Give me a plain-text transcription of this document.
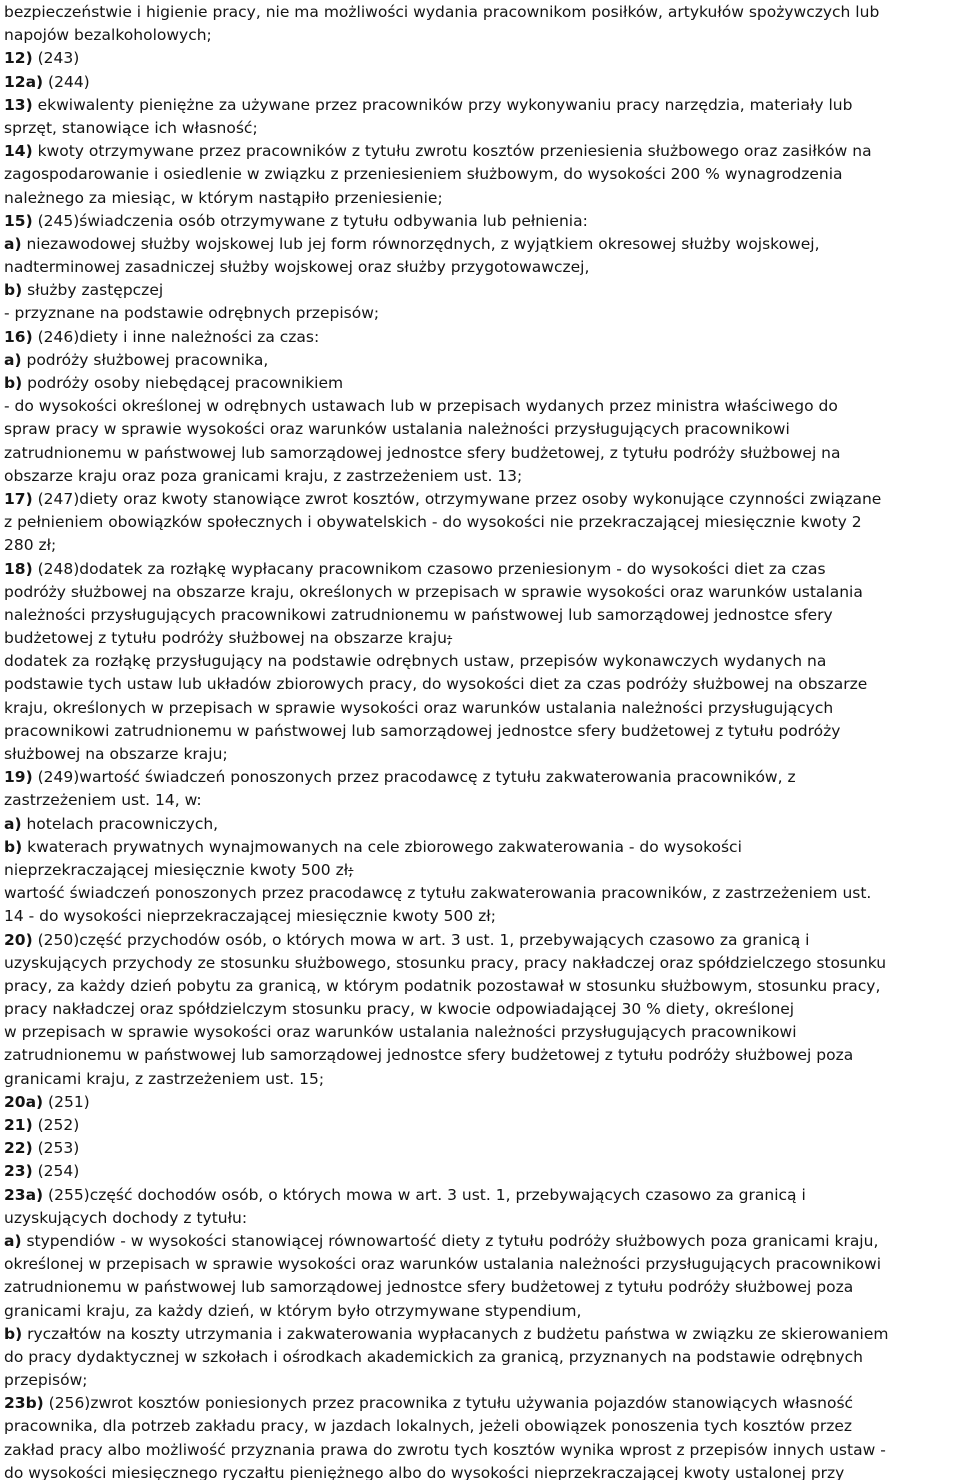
bezpieczeństwie i higienie pracy, nie ma możliwości wydania pracownikom posiłków, artykułów spożywczych lub
napojów bezalkoholowych;
12) (243)
12a) (244)
13) ekwiwalenty pieniężne za używane przez pracowników przy wykonywaniu pracy narzędzia, materiały lub
sprzęt, stanowiące ich własność;
14) kwoty otrzymywane przez pracowników z tytułu zwrotu kosztów przeniesienia służbowego oraz zasiłków na
zagospodarowanie i osiedlenie w związku z przeniesieniem służbowym, do wysokości 200 % wynagrodzenia
należnego za miesiąc, w którym nastąpiło przeniesienie;
15) (245)świadczenia osób otrzymywane z tytułu odbywania lub pełnienia:
a) niezawodowej służby wojskowej lub jej form równorzędnych, z wyjątkiem okresowej służby wojskowej,
nadterminowej zasadniczej służby wojskowej oraz służby przygotowawczej,
b) służby zastępczej
- przyznane na podstawie odrębnych przepisów;
16) (246)diety i inne należności za czas:
a) podróży służbowej pracownika,
b) podróży osoby niebędącej pracownikiem
- do wysokości określonej w odrębnych ustawach lub w przepisach wydanych przez ministra właściwego do
spraw pracy w sprawie wysokości oraz warunków ustalania należności przysługujących pracownikowi
zatrudnionemu w państwowej lub samorządowej jednostce sfery budżetowej, z tytułu podróży służbowej na
obszarze kraju oraz poza granicami kraju, z zastrzeżeniem ust. 13;
17) (247)diety oraz kwoty stanowiące zwrot kosztów, otrzymywane przez osoby wykonujące czynności związane
z pełnieniem obowiązków społecznych i obywatelskich - do wysokości nie przekraczającej miesięcznie kwoty 2
280 zł;
18) (248)dodatek za rozłąkę wypłacany pracownikom czasowo przeniesionym - do wysokości diet za czas
podróży służbowej na obszarze kraju, określonych w przepisach w sprawie wysokości oraz warunków ustalania
należności przysługujących pracownikowi zatrudnionemu w państwowej lub samorządowej jednostce sfery
budżetowej z tytułu podróży służbowej na obszarze kraju;
dodatek za rozłąkę przysługujący na podstawie odrębnych ustaw, przepisów wykonawczych wydanych na
podstawie tych ustaw lub układów zbiorowych pracy, do wysokości diet za czas podróży służbowej na obszarze
kraju, określonych w przepisach w sprawie wysokości oraz warunków ustalania należności przysługujących
pracownikowi zatrudnionemu w państwowej lub samorządowej jednostce sfery budżetowej z tytułu podróży
służbowej na obszarze kraju;
19) (249)wartość świadczeń ponoszonych przez pracodawcę z tytułu zakwaterowania pracowników, z
zastrzeżeniem ust. 14, w:
a) hotelach pracowniczych,
b) kwaterach prywatnych wynajmowanych na cele zbiorowego zakwaterowania - do wysokości
nieprzekraczającej miesięcznie kwoty 500 zł;
wartość świadczeń ponoszonych przez pracodawcę z tytułu zakwaterowania pracowników, z zastrzeżeniem ust.
14 - do wysokości nieprzekraczającej miesięcznie kwoty 500 zł;
20) (250)część przychodów osób, o których mowa w art. 3 ust. 1, przebywających czasowo za granicą i
uzyskujących przychody ze stosunku służbowego, stosunku pracy, pracy nakładczej oraz spółdzielczego stosunku
pracy, za każdy dzień pobytu za granicą, w którym podatnik pozostawał w stosunku służbowym, stosunku pracy,
pracy nakładczej oraz spółdzielczym stosunku pracy, w kwocie odpowiadającej 30 % diety, określonej
w przepisach w sprawie wysokości oraz warunków ustalania należności przysługujących pracownikowi
zatrudnionemu w państwowej lub samorządowej jednostce sfery budżetowej z tytułu podróży służbowej poza
granicami kraju, z zastrzeżeniem ust. 15;
20a) (251)
21) (252)
22) (253)
23) (254)
23a) (255)część dochodów osób, o których mowa w art. 3 ust. 1, przebywających czasowo za granicą i
uzyskujących dochody z tytułu:
a) stypendiów - w wysokości stanowiącej równowartość diety z tytułu podróży służbowych poza granicami kraju,
określonej w przepisach w sprawie wysokości oraz warunków ustalania należności przysługujących pracownikowi
zatrudnionemu w państwowej lub samorządowej jednostce sfery budżetowej z tytułu podróży służbowej poza
granicami kraju, za każdy dzień, w którym było otrzymywane stypendium,
b) ryczałtów na koszty utrzymania i zakwaterowania wypłacanych z budżetu państwa w związku ze skierowaniem
do pracy dydaktycznej w szkołach i ośrodkach akademickich za granicą, przyznanych na podstawie odrębnych
przepisów;
23b) (256)zwrot kosztów poniesionych przez pracownika z tytułu używania pojazdów stanowiących własność
pracownika, dla potrzeb zakładu pracy, w jazdach lokalnych, jeżeli obowiązek ponoszenia tych kosztów przez
zakład pracy albo możliwość przyznania prawa do zwrotu tych kosztów wynika wprost z przepisów innych ustaw -
do wysokości miesięcznego ryczałtu pieniężnego albo do wysokości nieprzekraczającej kwoty ustalonej przy
